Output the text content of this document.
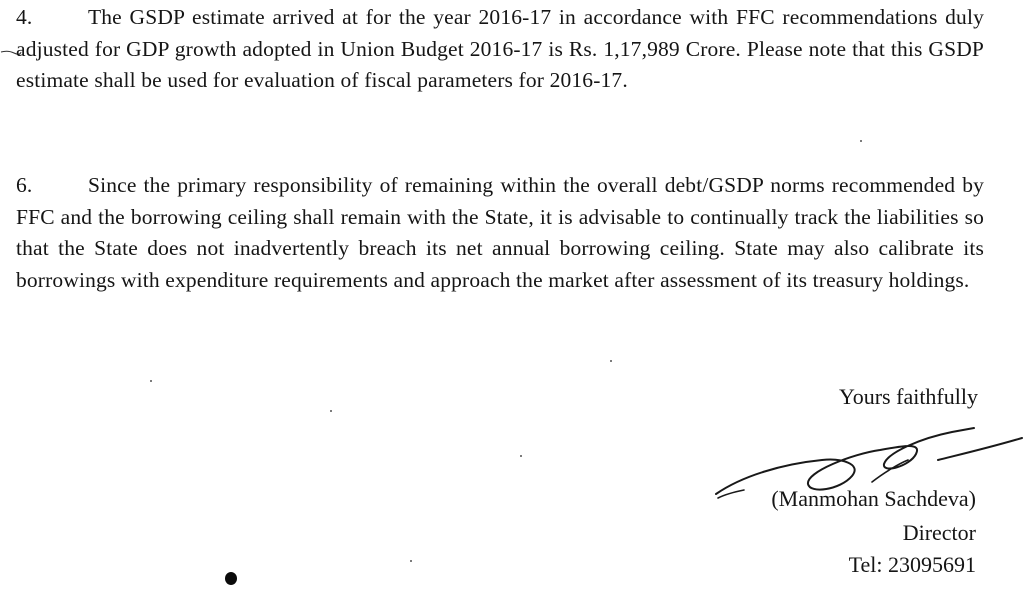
4.	The GSDP estimate arrived at for the year 2016-17 in accordance with FFC recommendations duly adjusted for GDP growth adopted in Union Budget 2016-17 is Rs. 1,17,989 Crore. Please note that this GSDP estimate shall be used for evaluation of fiscal parameters for 2016-17.
6.	Since the primary responsibility of remaining within the overall debt/GSDP norms recommended by FFC and the borrowing ceiling shall remain with the State, it is advisable to continually track the liabilities so that the State does not inadvertently breach its net annual borrowing ceiling. State may also calibrate its borrowings with expenditure requirements and approach the market after assessment of its treasury holdings.
Yours faithfully
(Manmohan Sachdeva)
Director
Tel: 23095691
